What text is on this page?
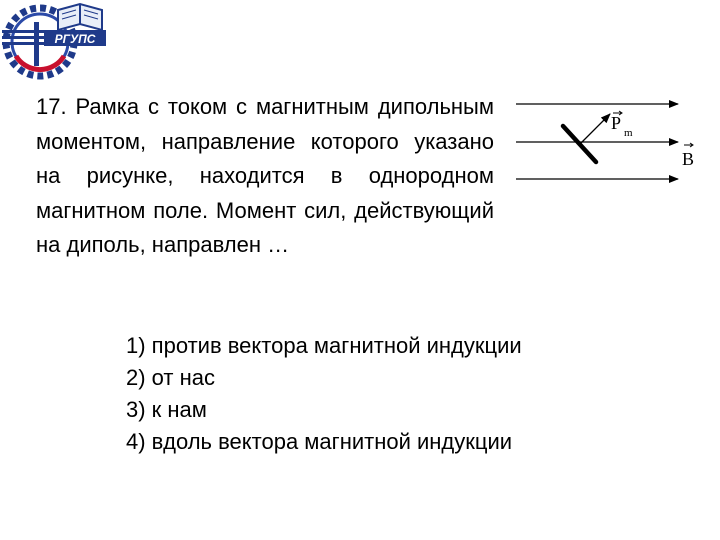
РГУПС

17. Рамка с током с магнитным дипольным моментом, направление которого указано на рисунке, находится в однородном магнитном поле. Момент сил, действующий на диполь, направлен …

P m
B
1) против вектора магнитной индукции
2) от нас
3) к нам
4) вдоль вектора магнитной индукции
